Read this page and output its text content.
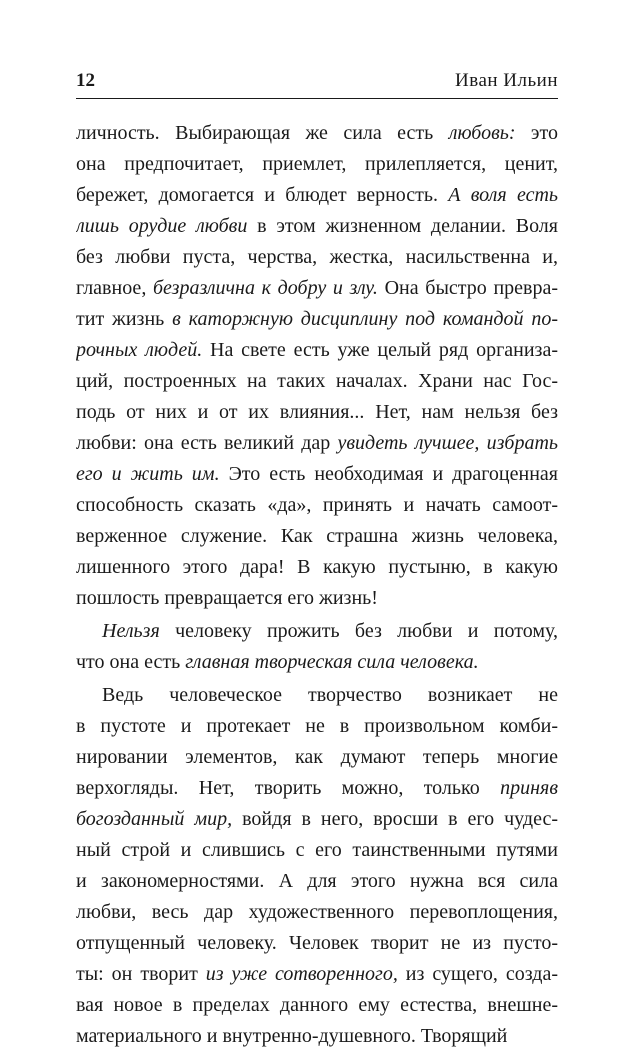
12	Иван Ильин
личность. Выбирающая же сила есть любовь: это
она предпочитает, приемлет, прилепляется, ценит,
бережет, домогается и блюдет верность. А воля есть
лишь орудие любви в этом жизненном делании. Воля
без любви пуста, черства, жестка, насильственна и,
главное, безразлична к добру и злу. Она быстро превра-
тит жизнь в каторжную дисциплину под командой по-
рочных людей. На свете есть уже целый ряд организа-
ций, построенных на таких началах. Храни нас Гос-
подь от них и от их влияния... Нет, нам нельзя без
любви: она есть великий дар увидеть лучшее, избрать
его и жить им. Это есть необходимая и драгоценная
способность сказать «да», принять и начать самоот-
верженное служение. Как страшна жизнь человека,
лишенного этого дара! В какую пустыню, в какую
пошлость превращается его жизнь!
Нельзя человеку прожить без любви и потому,
что она есть главная творческая сила человека.
Ведь человеческое творчество возникает не
в пустоте и протекает не в произвольном комби-
нировании элементов, как думают теперь многие
верхогляды. Нет, творить можно, только приняв
богозданный мир, войдя в него, вросши в его чудес-
ный строй и слившись с его таинственными путями
и закономерностями. А для этого нужна вся сила
любви, весь дар художественного перевоплощения,
отпущенный человеку. Человек творит не из пусто-
ты: он творит из уже сотворенного, из сущего, созда-
вая новое в пределах данного ему естества, внешне-
материального и внутренно-душевного. Творящий
